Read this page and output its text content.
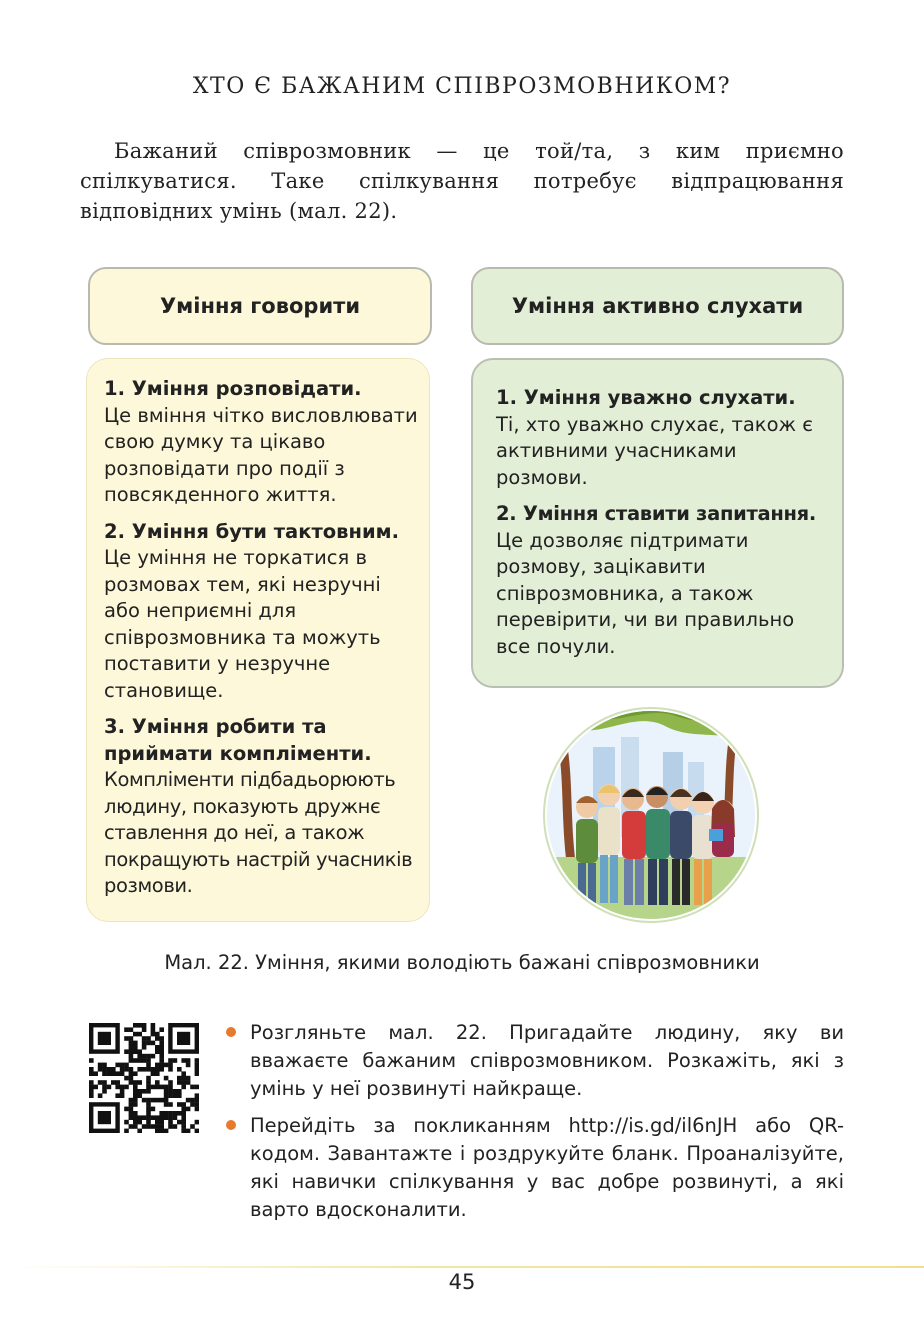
ХТО Є БАЖАНИМ СПІВРОЗМОВНИКОМ?
Бажаний співрозмовник — це той/та, з ким приємно спілкуватися. Таке спілкування потребує відпрацювання відповідних умінь (мал. 22).
Уміння говорити	Уміння активно слухати
1. Уміння розповідати.
Це вміння чітко висловлювати свою думку та цікаво розповідати про події з повсякденного життя.
2. Уміння бути тактовним.
Це уміння не торкатися в розмовах тем, які незручні або неприємні для співрозмовника та можуть поставити у незручне становище.
3. Уміння робити та приймати компліменти.
Компліменти підбадьорюють людину, показують дружнє ставлення до неї, а також покращують настрій учасників розмови.
1. Уміння уважно слухати.
Ті, хто уважно слухає, також є активними учасниками розмови.
2. Уміння ставити запитання.
Це дозволяє підтримати розмову, зацікавити співрозмовника, а також перевірити, чи ви правильно все почули.
Мал. 22. Уміння, якими володіють бажані співрозмовники
Розгляньте мал. 22. Пригадайте людину, яку ви вважаєте бажаним співрозмовником. Розкажіть, які з умінь у неї розвинуті найкраще.
Перейдіть за покликанням http://is.gd/il6nJH або QR-кодом. Завантажте і роздрукуйте бланк. Проаналізуйте, які навички спілкування у вас добре розвинуті, а які варто вдосконалити.
45
